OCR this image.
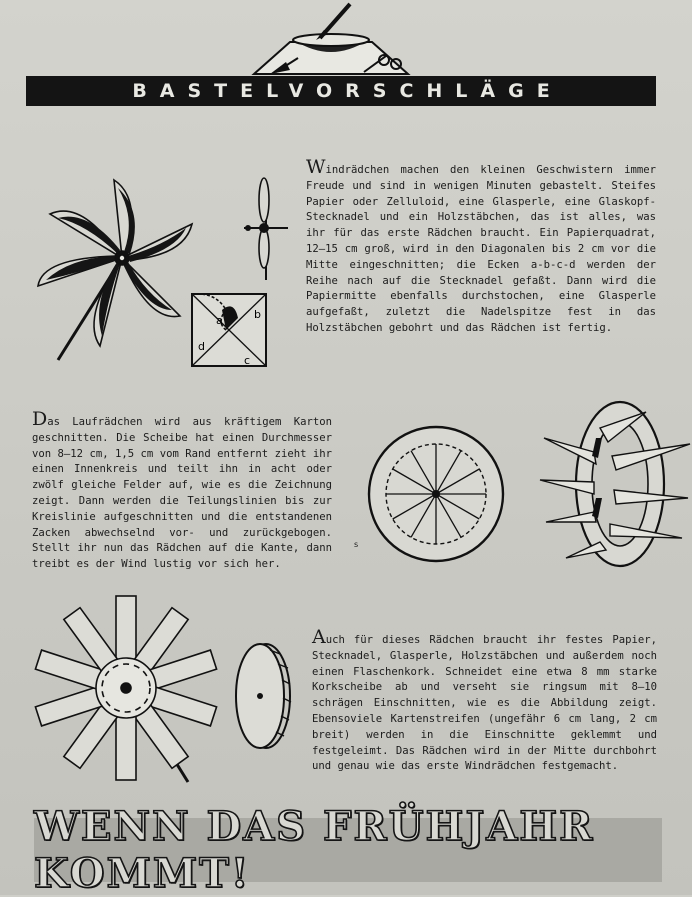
BASTELVORSCHLÄGE
a	b
c
d

Windrädchen machen den kleinen Geschwistern immer Freude und sind in wenigen Minuten gebastelt. Steifes Papier oder Zelluloid, eine Glasperle, eine Glaskopf-Stecknadel und ein Holzstäbchen, das ist alles, was ihr für das erste Rädchen braucht. Ein Papierquadrat, 12—15 cm groß, wird in den Diagonalen bis 2 cm vor die Mitte eingeschnitten; die Ecken a-b-c-d werden der Reihe nach auf die Stecknadel gefaßt. Dann wird die Papiermitte ebenfalls durchstochen, eine Glasperle aufgefaßt, zuletzt die Nadelspitze fest in das Holzstäbchen gebohrt und das Rädchen ist fertig.

Das Laufrädchen wird aus kräftigem Karton geschnitten. Die Scheibe hat einen Durchmesser von 8—12 cm, 1,5 cm vom Rand entfernt zieht ihr einen Innenkreis und teilt ihn in acht oder zwölf gleiche Felder auf, wie es die Zeichnung zeigt. Dann werden die Teilungslinien bis zur Kreislinie aufgeschnitten und die entstandenen Zacken abwechselnd vor- und zurückgebogen. Stellt ihr nun das Rädchen auf die Kante, dann treibt es der Wind lustig vor sich her.

s

Auch für dieses Rädchen braucht ihr festes Papier, Stecknadel, Glasperle, Holzstäbchen und außerdem noch einen Flaschenkork. Schneidet eine etwa 8 mm starke Korkscheibe ab und verseht sie ringsum mit 8—10 schrägen Einschnitten, wie es die Abbildung zeigt. Ebensoviele Kartenstreifen (ungefähr 6 cm lang, 2 cm breit) werden in die Einschnitte geklemmt und festgeleimt. Das Rädchen wird in der Mitte durchbohrt und genau wie das erste Windrädchen festgemacht.

WENN DAS FRÜHJAHR KOMMT!
